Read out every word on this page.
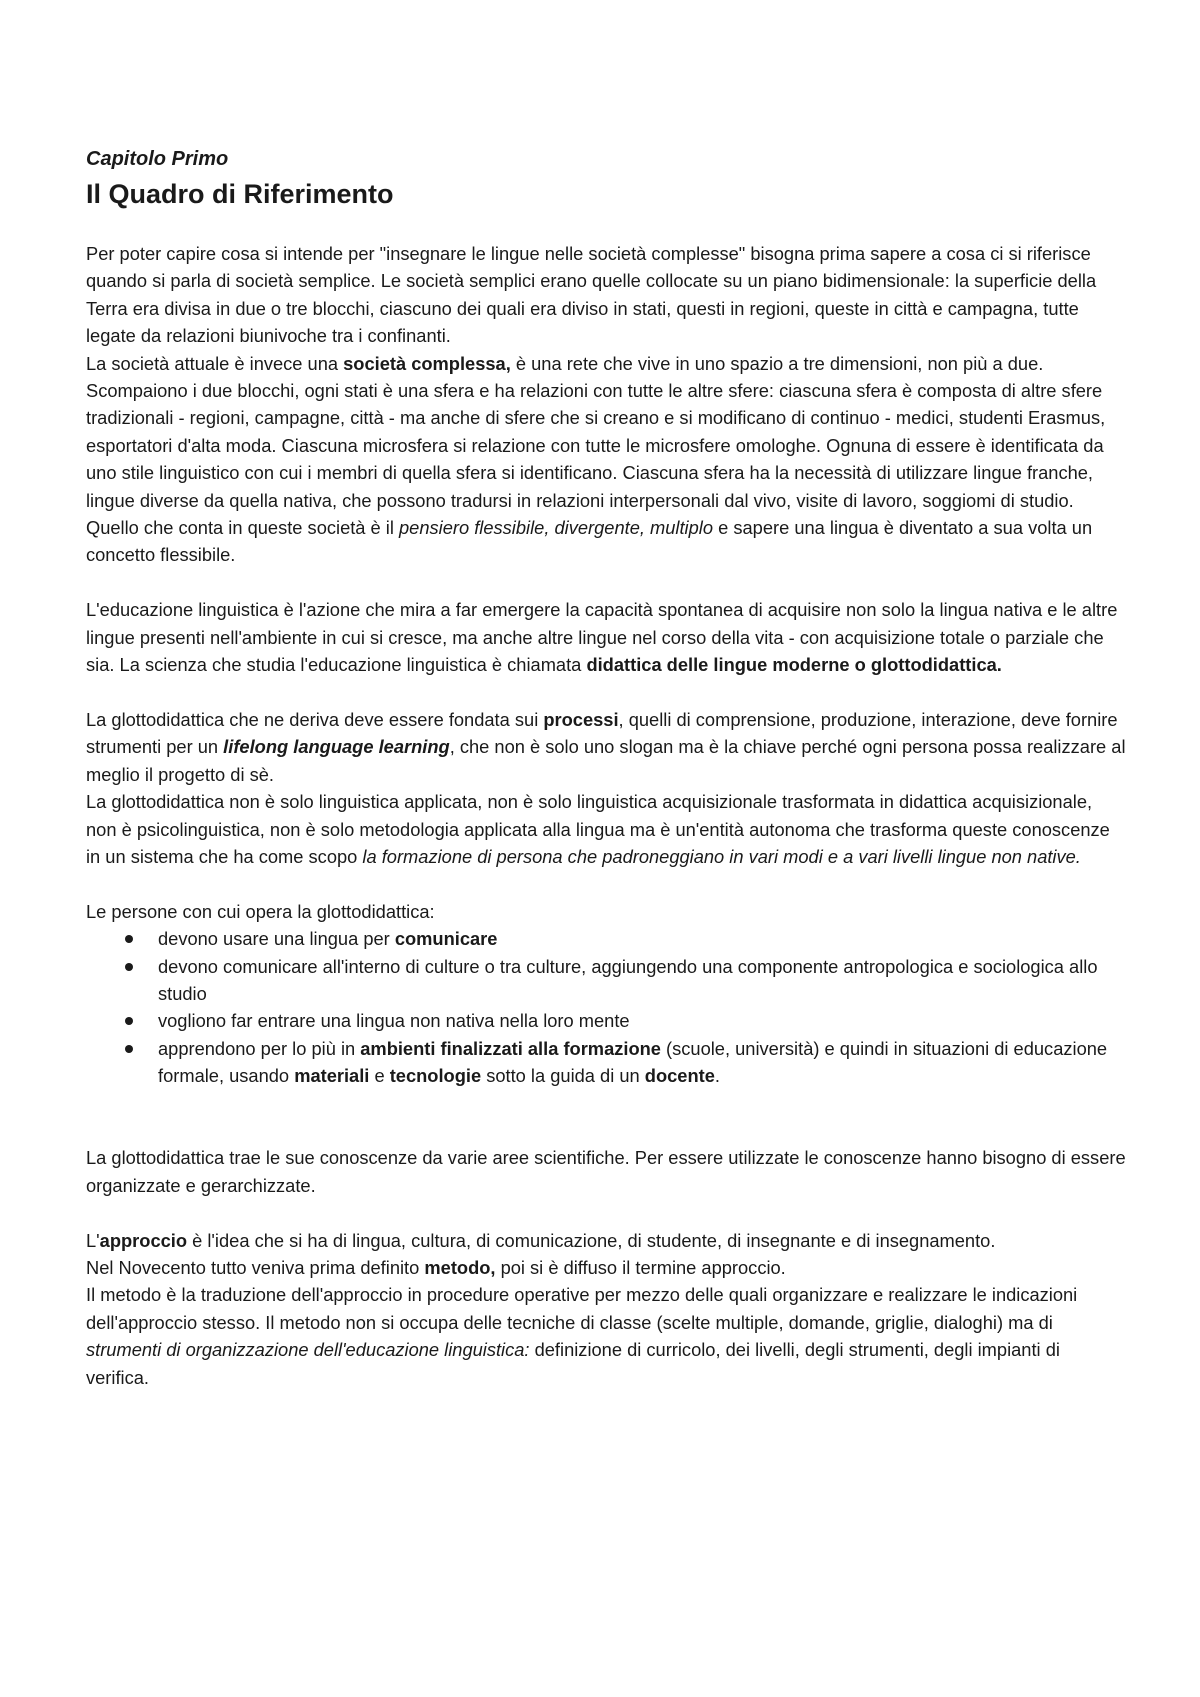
Capitolo Primo
Il Quadro di Riferimento

Per poter capire cosa si intende per "insegnare le lingue nelle società complesse" bisogna prima sapere a cosa ci si riferisce quando si parla di società semplice. Le società semplici erano quelle collocate su un piano bidimensionale: la superficie della Terra era divisa in due o tre blocchi, ciascuno dei quali era diviso in stati, questi in regioni, queste in città e campagna, tutte legate da relazioni biunivoche tra i confinanti.

La società attuale è invece una società complessa, è una rete che vive in uno spazio a tre dimensioni, non più a due. Scompaiono i due blocchi, ogni stati è una sfera e ha relazioni con tutte le altre sfere: ciascuna sfera è composta di altre sfere tradizionali - regioni, campagne, città - ma anche di sfere che si creano e si modificano di continuo - medici, studenti Erasmus, esportatori d'alta moda. Ciascuna microsfera si relazione con tutte le microsfere omologhe. Ognuna di essere è identificata da uno stile linguistico con cui i membri di quella sfera si identificano. Ciascuna sfera ha la necessità di utilizzare lingue franche, lingue diverse da quella nativa, che possono tradursi in relazioni interpersonali dal vivo, visite di lavoro, soggiomi di studio. Quello che conta in queste società è il pensiero flessibile, divergente, multiplo e sapere una lingua è diventato a sua volta un concetto flessibile.

L'educazione linguistica è l'azione che mira a far emergere la capacità spontanea di acquisire non solo la lingua nativa e le altre lingue presenti nell'ambiente in cui si cresce, ma anche altre lingue nel corso della vita - con acquisizione totale o parziale che sia. La scienza che studia l'educazione linguistica è chiamata didattica delle lingue moderne o glottodidattica.

La glottodidattica che ne deriva deve essere fondata sui processi, quelli di comprensione, produzione, interazione, deve fornire strumenti per un lifelong language learning, che non è solo uno slogan ma è la chiave perché ogni persona possa realizzare al meglio il progetto di sè.

La glottodidattica non è solo linguistica applicata, non è solo linguistica acquisizionale trasformata in didattica acquisizionale, non è psicolinguistica, non è solo metodologia applicata alla lingua ma è un'entità autonoma che trasforma queste conoscenze in un sistema che ha come scopo la formazione di persona che padroneggiano in vari modi e a vari livelli lingue non native.

Le persone con cui opera la glottodidattica:

devono usare una lingua per comunicare
devono comunicare all'interno di culture o tra culture, aggiungendo una componente antropologica e sociologica allo studio
vogliono far entrare una lingua non nativa nella loro mente
apprendono per lo più in ambienti finalizzati alla formazione (scuole, università) e quindi in situazioni di educazione formale, usando materiali e tecnologie sotto la guida di un docente.

La glottodidattica trae le sue conoscenze da varie aree scientifiche. Per essere utilizzate le conoscenze hanno bisogno di essere organizzate e gerarchizzate.

L'approccio è l'idea che si ha di lingua, cultura, di comunicazione, di studente, di insegnante e di insegnamento.

Nel Novecento tutto veniva prima definito metodo, poi si è diffuso il termine approccio.

Il metodo è la traduzione dell'approccio in procedure operative per mezzo delle quali organizzare e realizzare le indicazioni dell'approccio stesso. Il metodo non si occupa delle tecniche di classe (scelte multiple, domande, griglie, dialoghi) ma di strumenti di organizzazione dell'educazione linguistica: definizione di curricolo, dei livelli, degli strumenti, degli impianti di verifica.
